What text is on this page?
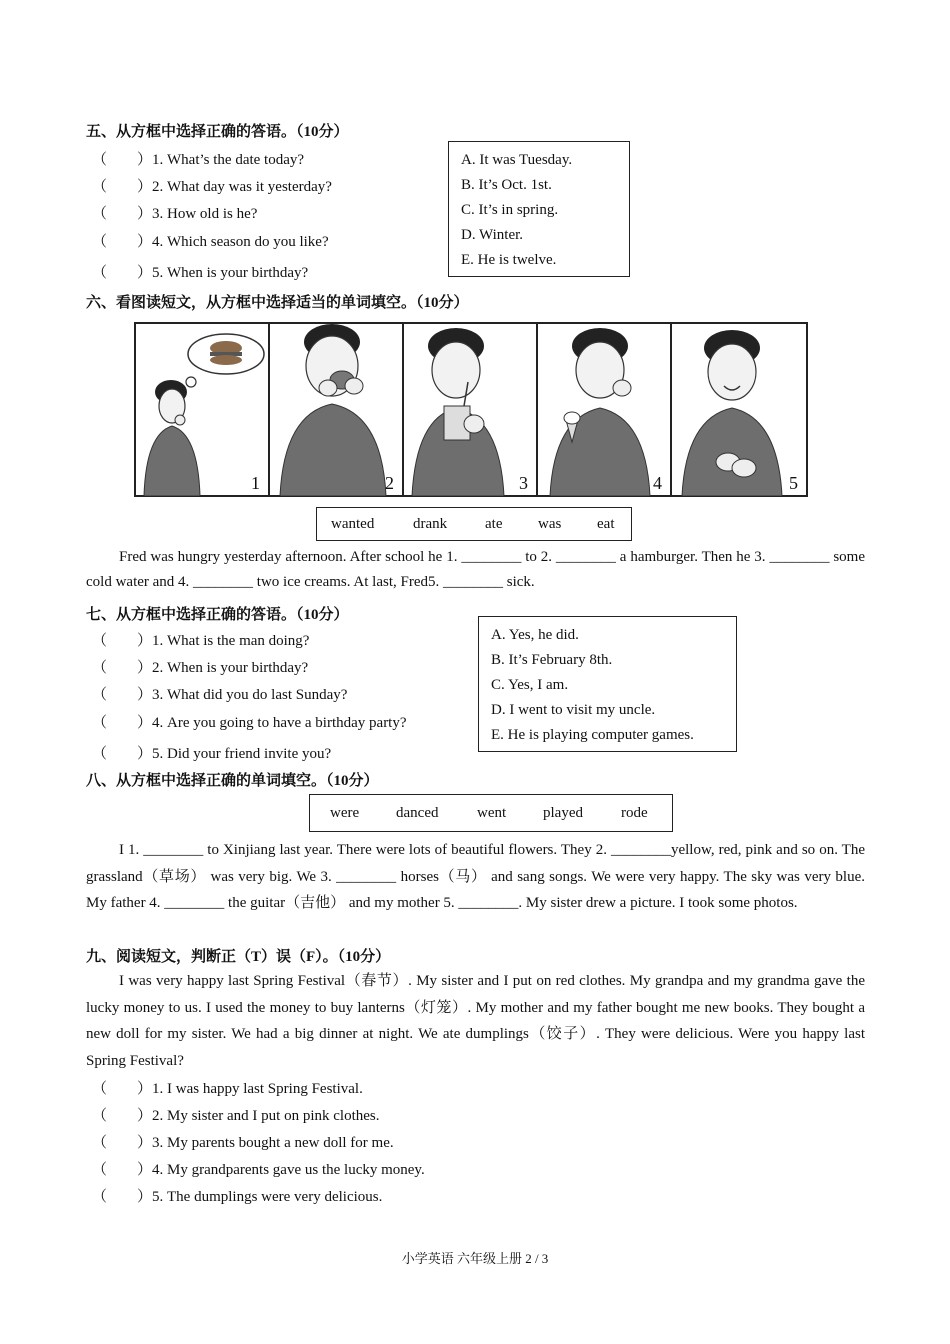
五、从方框中选择正确的答语。（10分）
（　　）1. What’s the date today?
（　　）2. What day was it yesterday?
（　　）3. How old is he?
（　　）4. Which season do you like?
（　　）5. When is your birthday?
A. It was Tuesday.
B. It’s Oct. 1st.
C. It’s in spring.
D. Winter.
E. He is twelve.
六、看图读短文，从方框中选择适当的单词填空。（10分）
1	2	3	4	5
wanted	drank	ate was eat
Fred was hungry yesterday afternoon. After school he 1. ________ to 2. ________ a hamburger. Then he 3. ________ some cold water and 4. ________ two ice creams. At last, Fred5. ________ sick.
七、从方框中选择正确的答语。（10分）
（　　）1. What is the man doing?
（　　）2. When is your birthday?
（　　）3. What did you do last Sunday?
（　　）4. Are you going to have a birthday party?
（　　）5. Did your friend invite you?
A. Yes, he did.
B. It’s February 8th.
C. Yes, I am.
D. I went to visit my uncle.
E. He is playing computer games.
八、从方框中选择正确的单词填空。（10分）
were danced	went played	rode
I 1. ________ to Xinjiang last year. There were lots of beautiful flowers. They 2. ________yellow, red, pink and so on. The grassland（草场） was very big. We 3. ________ horses（马） and sang songs. We were very happy. The sky was very blue. My father 4. ________ the guitar（吉他） and my mother 5. ________. My sister drew a picture. I took some photos.
九、阅读短文，判断正（T）误（F）。（10分）
I was very happy last Spring Festival（春节）. My sister and I put on red clothes. My grandpa and my grandma gave the lucky money to us. I used the money to buy lanterns（灯笼）. My mother and my father bought me new books. They bought a new doll for my sister. We had a big dinner at night. We ate dumplings（饺子）. They were delicious. Were you happy last Spring Festival?
（　　）1. I was happy last Spring Festival.
（　　）2. My sister and I put on pink clothes.
（　　）3. My parents bought a new doll for me.
（　　）4. My grandparents gave us the lucky money.
（　　）5. The dumplings were very delicious.
小学英语 六年级上册 2 / 3
